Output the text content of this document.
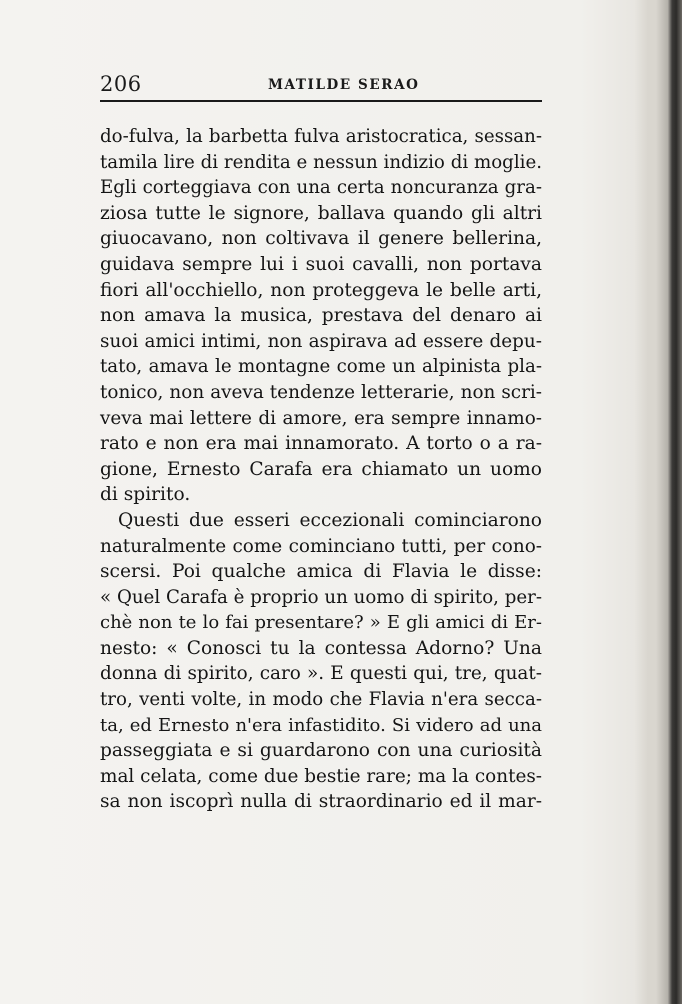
206	MATILDE SERAO
do-fulva, la barbetta fulva aristocratica, sessan-
tamila lire di rendita e nessun indizio di moglie.
Egli corteggiava con una certa noncuranza gra-
ziosa tutte le signore, ballava quando gli altri
giuocavano, non coltivava il genere bellerina,
guidava sempre lui i suoi cavalli, non portava
fiori all'occhiello, non proteggeva le belle arti,
non amava la musica, prestava del denaro ai
suoi amici intimi, non aspirava ad essere depu-
tato, amava le montagne come un alpinista pla-
tonico, non aveva tendenze letterarie, non scri-
veva mai lettere di amore, era sempre innamo-
rato e non era mai innamorato. A torto o a ra-
gione, Ernesto Carafa era chiamato un uomo
di spirito.
Questi due esseri eccezionali cominciarono
naturalmente come cominciano tutti, per cono-
scersi. Poi qualche amica di Flavia le disse:
« Quel Carafa è proprio un uomo di spirito, per-
chè non te lo fai presentare? » E gli amici di Er-
nesto: « Conosci tu la contessa Adorno? Una
donna di spirito, caro ». E questi qui, tre, quat-
tro, venti volte, in modo che Flavia n'era secca-
ta, ed Ernesto n'era infastidito. Si videro ad una
passeggiata e si guardarono con una curiosità
mal celata, come due bestie rare; ma la contes-
sa non iscoprì nulla di straordinario ed il mar-
